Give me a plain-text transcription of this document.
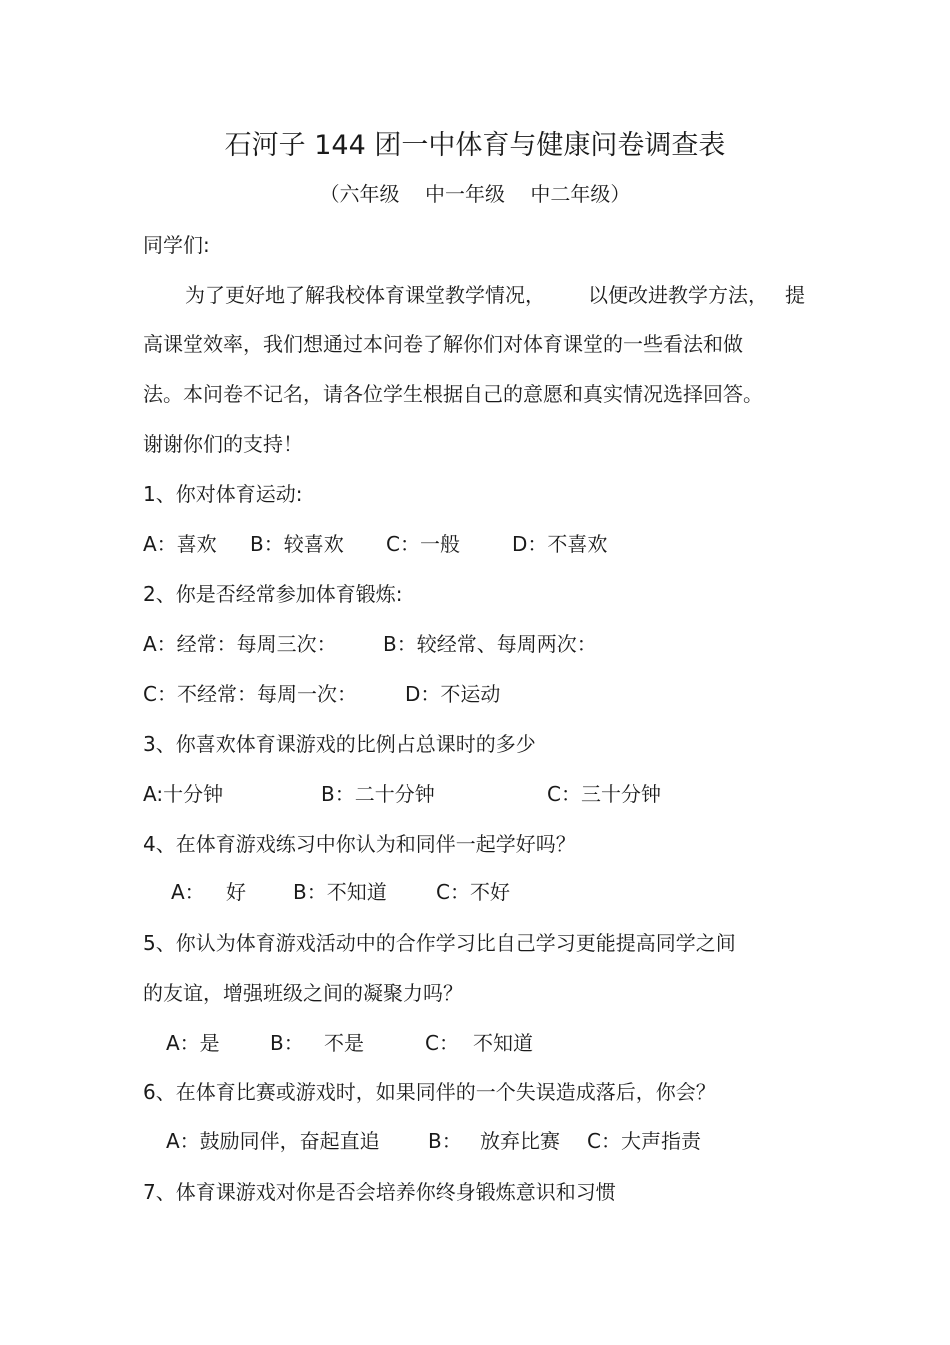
石河子 144 团一中体育与健康问卷调查表
（六年级    中一年级    中二年级）
同学们:
为了更好地了解我校体育课堂教学情况， 以便改进教学方法， 提
高课堂效率，我们想通过本问卷了解你们对体育课堂的一些看法和做
法。本问卷不记名，请各位学生根据自己的意愿和真实情况选择回答。
谢谢你们的支持！
1、你对体育运动:
A：喜欢 B：较喜欢 C：一般	D：不喜欢
2、你是否经常参加体育锻炼:
A：经常：每周三次： B：较经常、每周两次：
C：不经常：每周一次： D：不运动
3、你喜欢体育课游戏的比例占总课时的多少
A:十分钟	B：二十分钟	C：三十分钟
4、在体育游戏练习中你认为和同伴一起学好吗？
A： 好 B：不知道 C：不好
5、你认为体育游戏活动中的合作学习比自己学习更能提高同学之间
的友谊，增强班级之间的凝聚力吗？
A：是	B： 不是	C： 不知道
6、在体育比赛或游戏时，如果同伴的一个失误造成落后，你会？
A：鼓励同伴，奋起直追 B： 放弃比赛 C：大声指责
7、体育课游戏对你是否会培养你终身锻炼意识和习惯
